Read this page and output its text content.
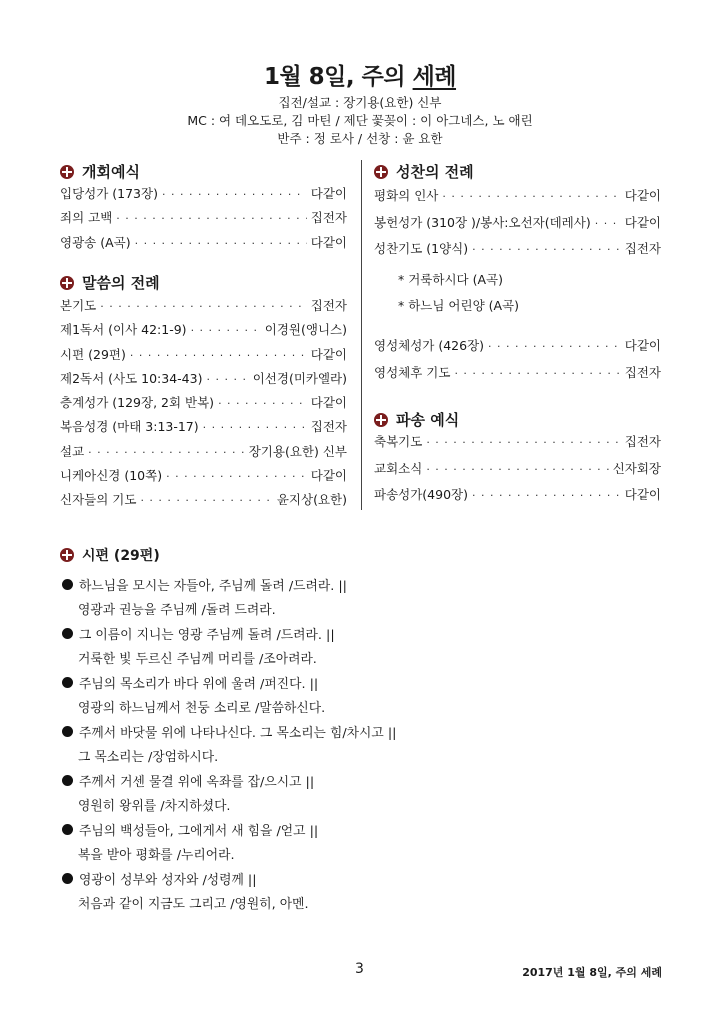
1월 8일, 주의 세례
집전/설교 : 장기용(요한) 신부
MC : 여 데오도로, 김 마틴 / 제단 꽃꽂이 : 이 아그네스, 노 애린
반주 : 정 로사 / 선창 : 윤 요한
개회예식
입당성가 (173장) · · ·	다같이
죄의 고백 · · ·	집전자
영광송 (A곡) · · ·	다같이
말씀의 전례
본기도 · · ·	집전자
제1독서 (이사 42:1-9) · · ·	이경원(앵니스)
시편 (29편) · · ·	다같이
제2독서 (사도 10:34-43) · · ·	이선경(미카엘라)
층계성가 (129장, 2회 반복) · · ·	다같이
복음성경 (마태 3:13-17) · · ·	집전자
설교 · · ·	장기용(요한) 신부
니케아신경 (10쪽) · · ·	다같이
신자들의 기도 · · ·	윤지상(요한)
성찬의 전례
평화의 인사 · · ·	다같이
봉헌성가 (310장 )/봉사:오선자(데레사) · · ·	다같이
성찬기도 (1양식) · · ·	집전자
* 거룩하시다 (A곡)
* 하느님 어린양 (A곡)
영성체성가 (426장) · · ·	다같이
영성체후 기도 · · ·	집전자
파송 예식
축복기도 · · ·	집전자
교회소식 · · ·	신자회장
파송성가(490장) · · ·	다같이
시편 (29편)
하느님을 모시는 자들아, 주님께 돌려 /드려라. ||
영광과 권능을 주님께 /돌려 드려라.
그 이름이 지니는 영광 주님께 돌려 /드려라. ||
거룩한 빛 두르신 주님께 머리를 /조아려라.
주님의 목소리가 바다 위에 울려 /퍼진다. ||
영광의 하느님께서 천둥 소리로 /말씀하신다.
주께서 바닷물 위에 나타나신다. 그 목소리는 힘/차시고 ||
그 목소리는 /장엄하시다.
주께서 거센 물결 위에 옥좌를 잡/으시고 ||
영원히 왕위를 /차지하셨다.
주님의 백성들아, 그에게서 새 힘을 /얻고 ||
복을 받아 평화를 /누리어라.
영광이 성부와 성자와 /성령께 ||
처음과 같이 지금도 그리고 /영원히, 아멘.
3	2017년 1월 8일, 주의 세례
